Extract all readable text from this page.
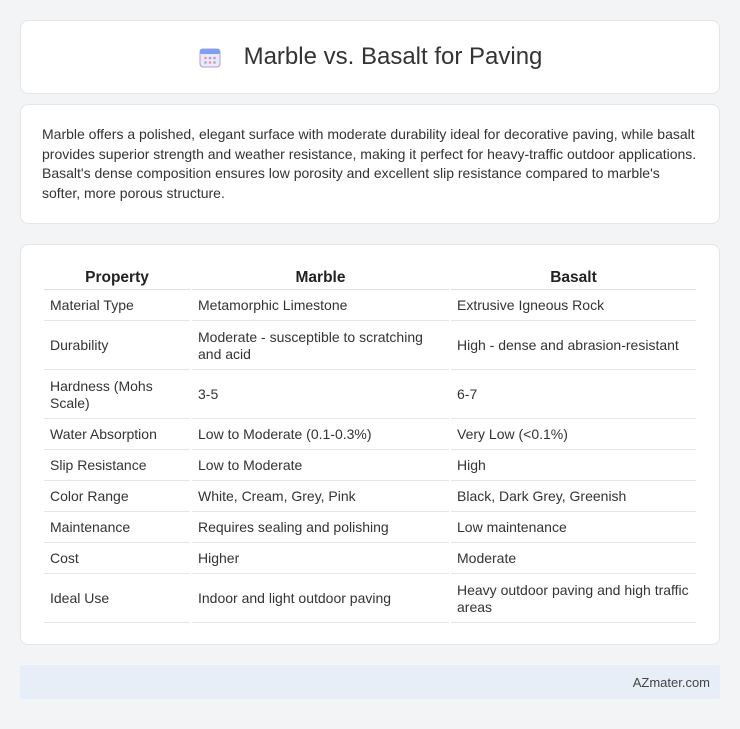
Marble vs. Basalt for Paving

Marble offers a polished, elegant surface with moderate durability ideal for decorative paving, while basalt provides superior strength and weather resistance, making it perfect for heavy-traffic outdoor applications. Basalt's dense composition ensures low porosity and excellent slip resistance compared to marble's softer, more porous structure.

Property	Marble	Basalt
Material Type	Metamorphic Limestone	Extrusive Igneous Rock
Durability	Moderate - susceptible to scratching and acid	High - dense and abrasion-resistant
Hardness (Mohs Scale)	3-5	6-7
Water Absorption	Low to Moderate (0.1-0.3%)	Very Low (<0.1%)
Slip Resistance	Low to Moderate	High
Color Range	White, Cream, Grey, Pink	Black, Dark Grey, Greenish
Maintenance	Requires sealing and polishing	Low maintenance
Cost	Higher	Moderate
Ideal Use	Indoor and light outdoor paving	Heavy outdoor paving and high traffic areas
AZmater.com
